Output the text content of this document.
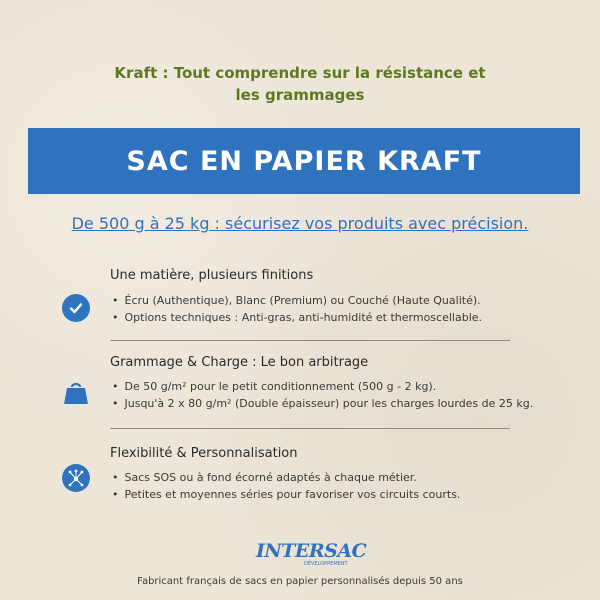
Kraft : Tout comprendre sur la résistance et
les grammages
SAC EN PAPIER KRAFT
De 500 g à 25 kg : sécurisez vos produits avec précision.
Une matière, plusieurs finitions
• Écru (Authentique), Blanc (Premium) ou Couché (Haute Qualité).
• Options techniques : Anti-gras, anti-humidité et thermoscellable.
Grammage & Charge : Le bon arbitrage
• De 50 g/m² pour le petit conditionnement (500 g - 2 kg).
• Jusqu'à 2 x 80 g/m² (Double épaisseur) pour les charges lourdes de 25 kg.
Flexibilité & Personnalisation
• Sacs SOS ou à fond écorné adaptés à chaque métier.
• Petites et moyennes séries pour favoriser vos circuits courts.
INTERSAC
DÉVELOPPEMENT
Fabricant français de sacs en papier personnalisés depuis 50 ans
